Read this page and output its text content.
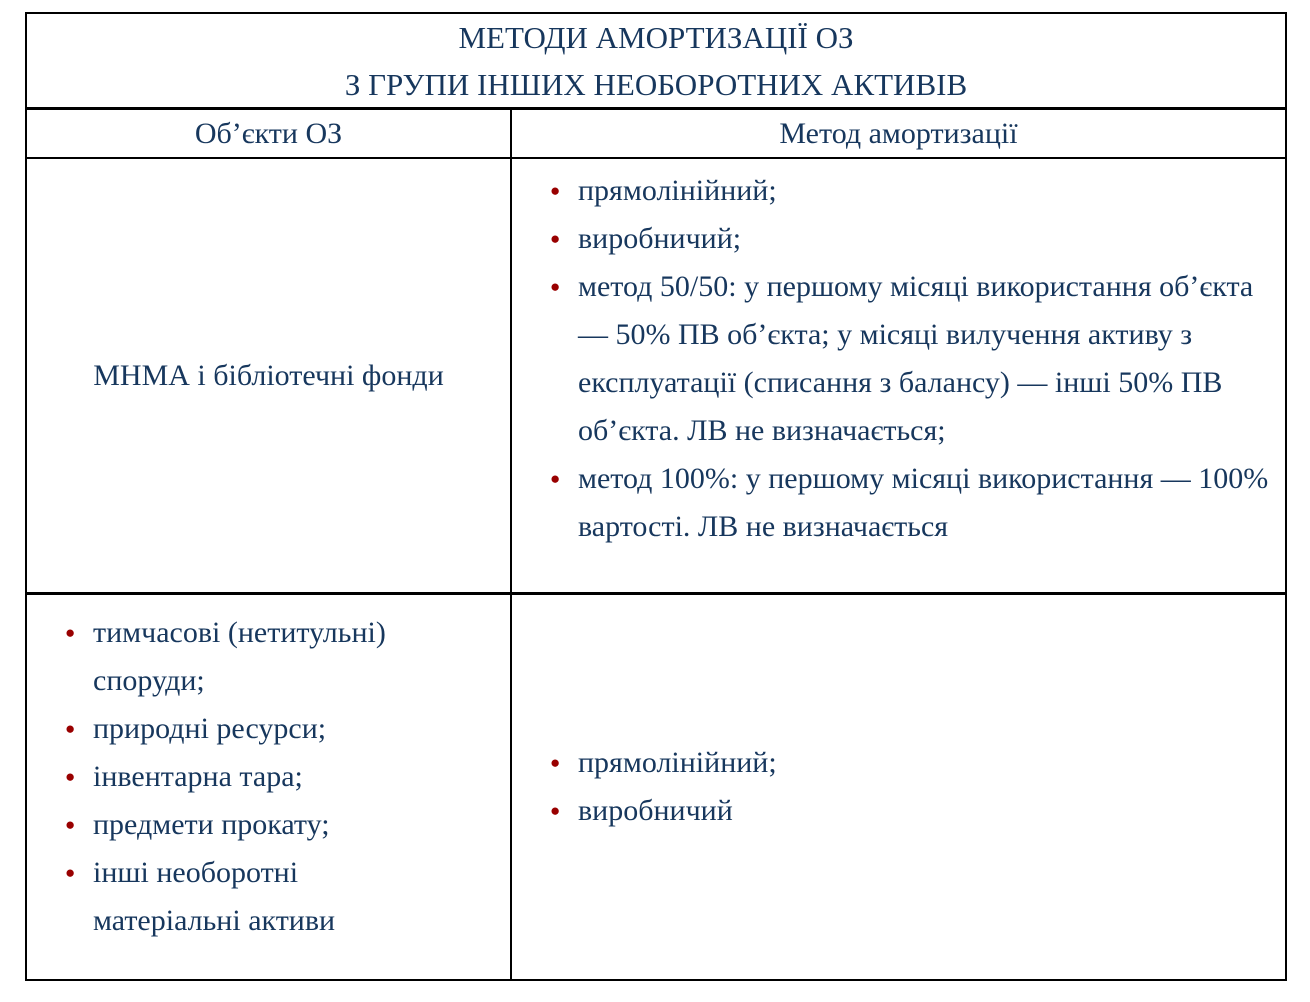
МЕТОДИ АМОРТИЗАЦІЇ ОЗ
З ГРУПИ ІНШИХ НЕОБОРОТНИХ АКТИВІВ
Об’єкти ОЗ	Метод амортизації
МНМА і бібліотечні фонди
● прямолінійний;
● виробничий;
● метод 50/50: у першому місяці використання об’єкта — 50% ПВ об’єкта; у місяці вилучення активу з експлуатації (списання з балансу) — інші 50% ПВ об’єкта. ЛВ не визначається;
● метод 100%: у першому місяці використання — 100% вартості. ЛВ не визначається
● тимчасові (нетитульні) споруди;
● природні ресурси;
● інвентарна тара;
● предмети прокату;
● інші необоротні матеріальні активи
● прямолінійний;
● виробничий
